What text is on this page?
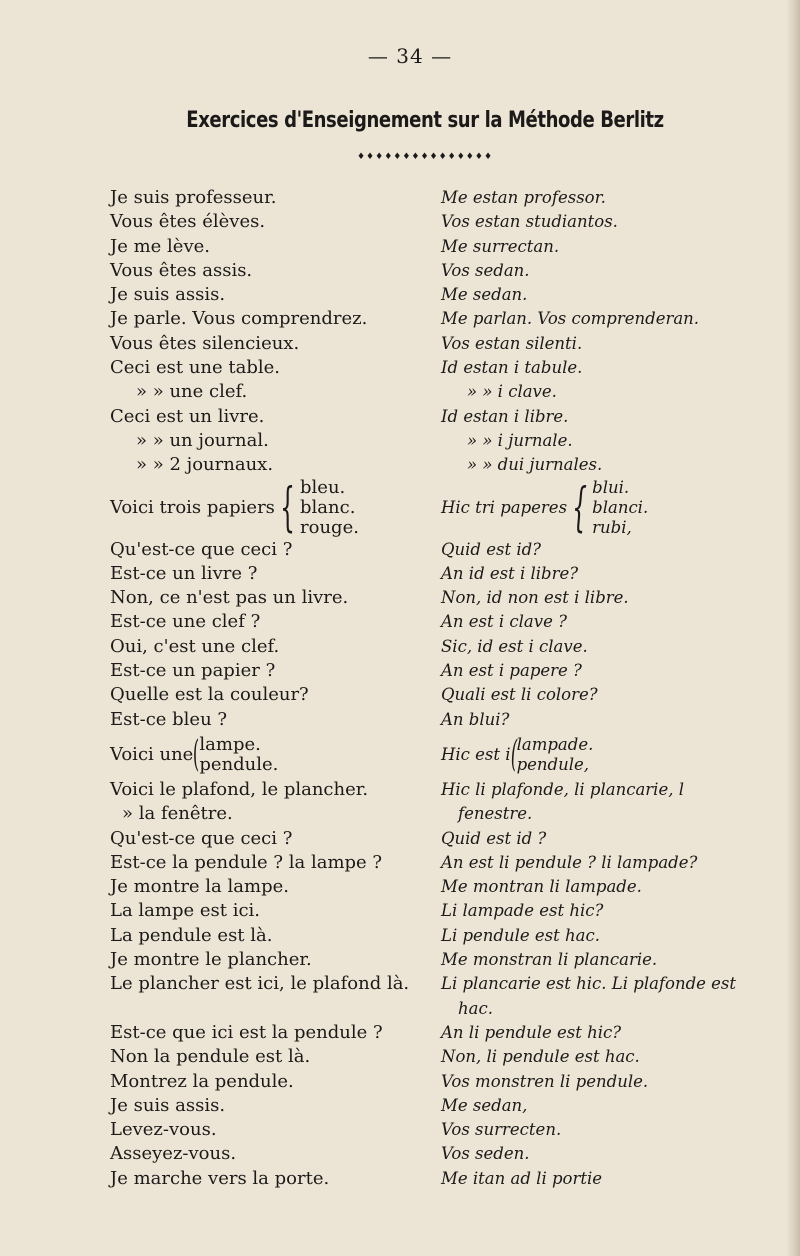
— 34 —
Exercices d'Enseignement sur la Méthode Berlitz
♦♦♦♦♦♦♦♦♦♦♦♦♦♦♦
Je suis professeur.
Vous êtes élèves.
Je me lève.
Vous êtes assis.
Je suis assis.
Je parle. Vous comprendrez.
Vous êtes silencieux.
Ceci est une table.
» » une clef.
Ceci est un livre.
» » un journal.
» » 2 journaux.
Voici trois papiers { bleu.
blanc.
rouge.
Qu'est-ce que ceci ?
Est-ce un livre ?
Non, ce n'est pas un livre.
Est-ce une clef ?
Oui, c'est une clef.
Est-ce un papier ?
Quelle est la couleur?
Est-ce bleu ?
Voici une ( lampe.
pendule.
Voici le plafond, le plancher.
» la fenêtre.
Qu'est-ce que ceci ?
Est-ce la pendule ? la lampe ?
Je montre la lampe.
La lampe est ici.
La pendule est là.
Je montre le plancher.
Le plancher est ici, le plafond là.
Est-ce que ici est la pendule ?
Non la pendule est là.
Montrez la pendule.
Je suis assis.
Levez-vous.
Asseyez-vous.
Je marche vers la porte.
Me estan professor.
Vos estan studiantos.
Me surrectan.
Vos sedan.
Me sedan.
Me parlan. Vos comprenderan.
Vos estan silenti.
Id estan i tabule.
» » i clave.
Id estan i libre.
» » i jurnale.
» » dui jurnales.
Hic tri paperes { blui.
blanci.
rubi,
Quid est id?
An id est i libre?
Non, id non est i libre.
An est i clave ?
Sic, id est i clave.
An est i papere ?
Quali est li colore?
An blui?
Hic est i ( lampade.
pendule,
Hic li plafonde, li plancarie, l
fenestre.
Quid est id ?
An est li pendule ? li lampade?
Me montran li lampade.
Li lampade est hic?
Li pendule est hac.
Me monstran li plancarie.
Li plancarie est hic. Li plafonde est
hac.
An li pendule est hic?
Non, li pendule est hac.
Vos monstren li pendule.
Me sedan,
Vos surrecten.
Vos seden.
Me itan ad li portie
